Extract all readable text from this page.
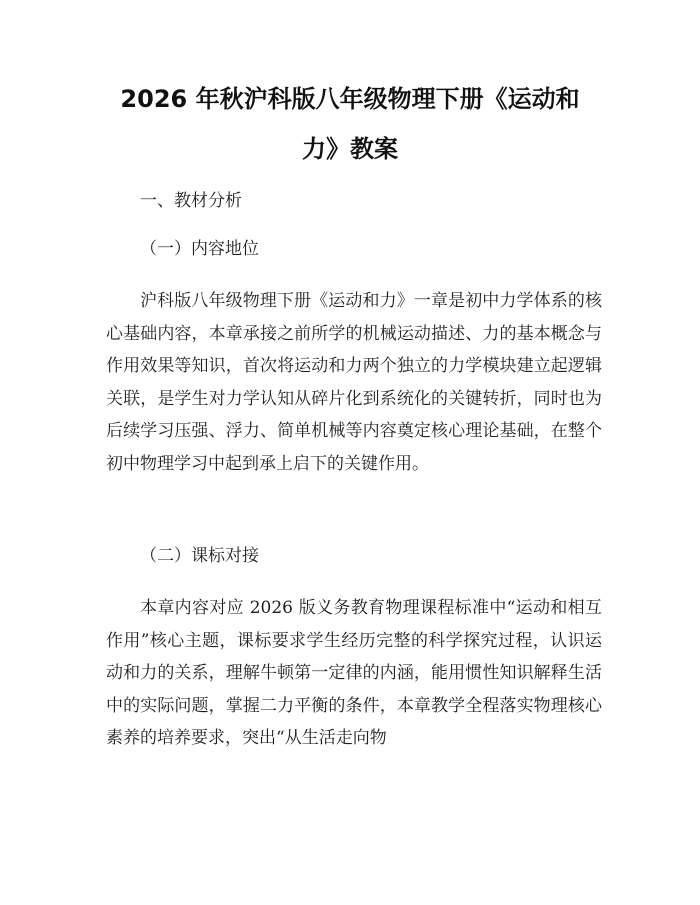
2026 年秋沪科版八年级物理下册《运动和
力》教案
一、教材分析
（一）内容地位
沪科版八年级物理下册《运动和力》一章是初中力学体系的核心基础内容，本章承接之前所学的机械运动描述、力的基本概念与作用效果等知识，首次将运动和力两个独立的力学模块建立起逻辑关联，是学生对力学认知从碎片化到系统化的关键转折，同时也为后续学习压强、浮力、简单机械等内容奠定核心理论基础，在整个初中物理学习中起到承上启下的关键作用。
（二）课标对接
本章内容对应 2026 版义务教育物理课程标准中“运动和相互作用”核心主题，课标要求学生经历完整的科学探究过程，认识运动和力的关系，理解牛顿第一定律的内涵，能用惯性知识解释生活中的实际问题，掌握二力平衡的条件，本章教学全程落实物理核心素养的培养要求，突出“从生活走向物
